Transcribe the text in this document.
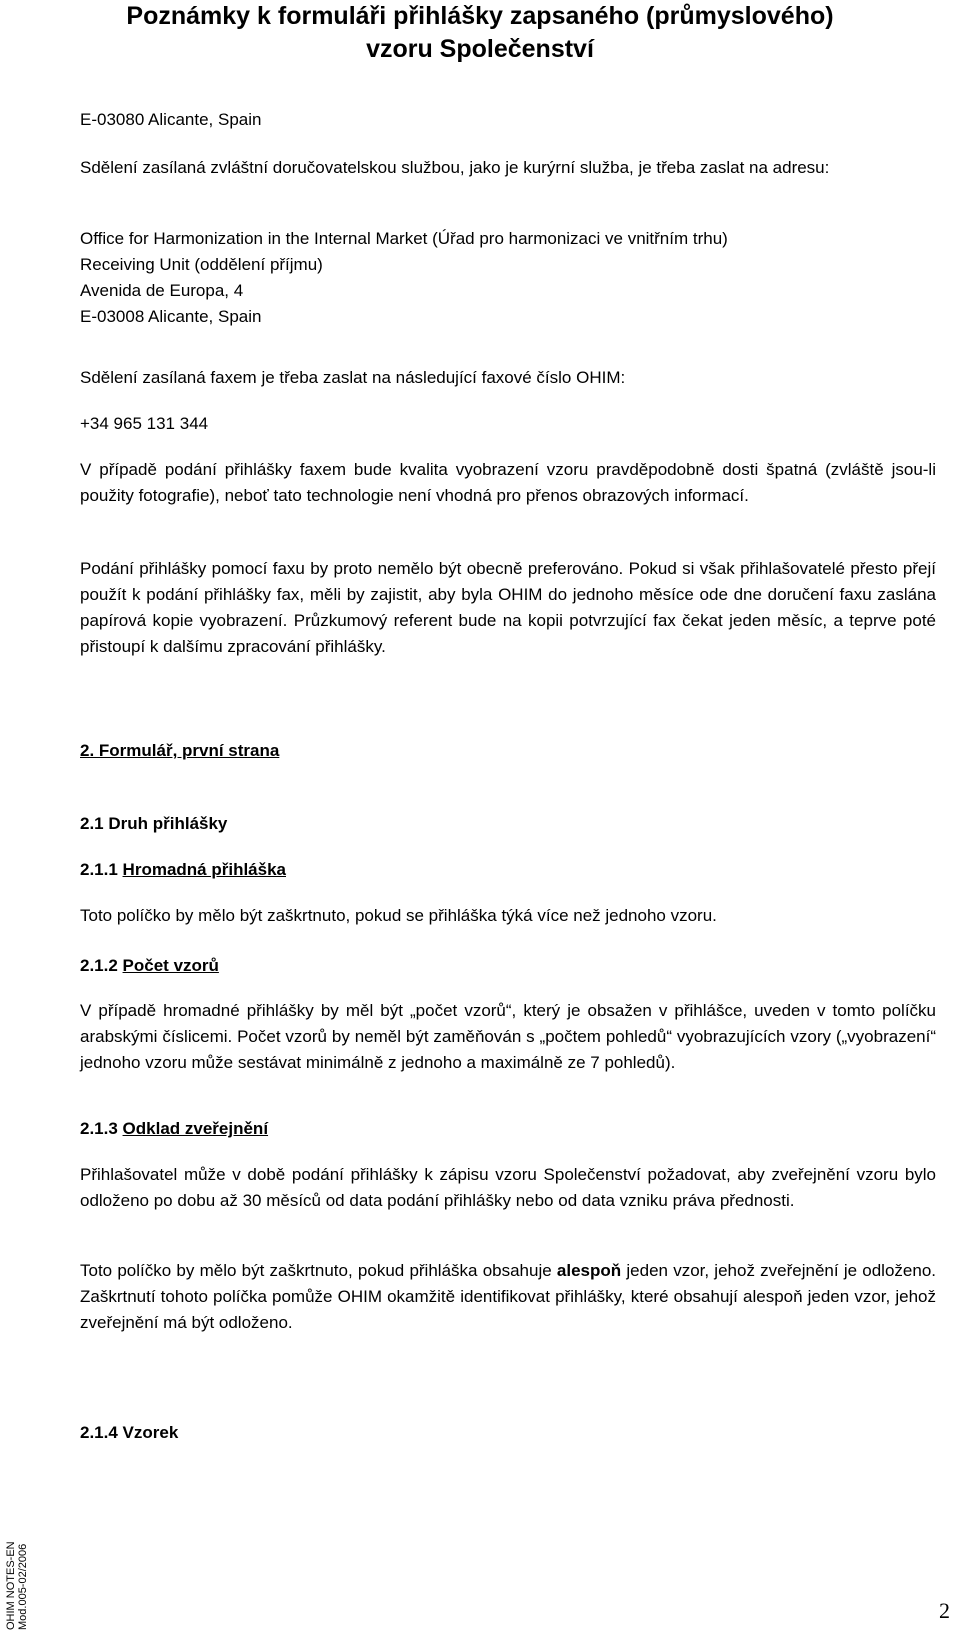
Poznámky k formuláři přihlášky zapsaného (průmyslového)
vzoru Společenství
E-03080 Alicante, Spain
Sdělení zasílaná zvláštní doručovatelskou službou, jako je kurýrní služba, je třeba zaslat na adresu:
Office for Harmonization in the Internal Market (Úřad pro harmonizaci ve vnitřním trhu)
Receiving Unit (oddělení příjmu)
Avenida de Europa, 4
E-03008 Alicante, Spain
Sdělení zasílaná faxem je třeba zaslat na následující faxové číslo OHIM:
+34 965 131 344
V případě podání přihlášky faxem bude kvalita vyobrazení vzoru pravděpodobně dosti špatná (zvláště jsou-li použity fotografie), neboť tato technologie není vhodná pro přenos obrazových informací.
Podání přihlášky pomocí faxu by proto nemělo být obecně preferováno. Pokud si však přihlašovatelé přesto přejí použít k podání přihlášky fax, měli by zajistit, aby byla OHIM do jednoho měsíce ode dne doručení faxu zaslána papírová kopie vyobrazení. Průzkumový referent bude na kopii potvrzující fax čekat jeden měsíc, a teprve poté přistoupí k dalšímu zpracování přihlášky.
2. Formulář, první strana
2.1 Druh přihlášky
2.1.1 Hromadná přihláška
Toto políčko by mělo být zaškrtnuto, pokud se přihláška týká více než jednoho vzoru.
2.1.2 Počet vzorů
V případě hromadné přihlášky by měl být „počet vzorů“, který je obsažen v přihlášce, uveden v tomto políčku arabskými číslicemi. Počet vzorů by neměl být zaměňován s „počtem pohledů“ vyobrazujících vzory („vyobrazení“ jednoho vzoru může sestávat minimálně z jednoho a maximálně ze 7 pohledů).
2.1.3 Odklad zveřejnění
Přihlašovatel může v době podání přihlášky k zápisu vzoru Společenství požadovat, aby zveřejnění vzoru bylo odloženo po dobu až 30 měsíců od data podání přihlášky nebo od data vzniku práva přednosti.
Toto políčko by mělo být zaškrtnuto, pokud přihláška obsahuje alespoň jeden vzor, jehož zveřejnění je odloženo. Zaškrtnutí tohoto políčka pomůže OHIM okamžitě identifikovat přihlášky, které obsahují alespoň jeden vzor, jehož zveřejnění má být odloženo.
2.1.4 Vzorek
OHIM NOTES-EN Mod.005-02/2006	2
